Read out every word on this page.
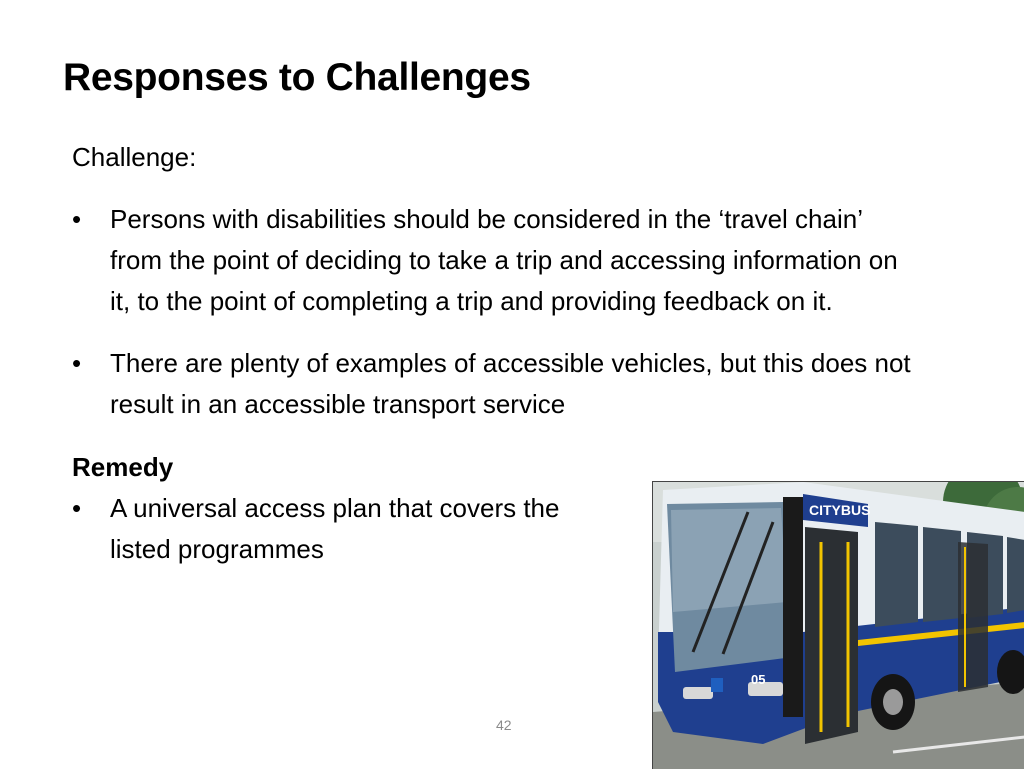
Responses to Challenges

Challenge:

•	Persons with disabilities should be considered in the ‘travel chain’ from the point of deciding to take a trip and accessing information on it, to the point of completing a trip and providing feedback on it.
•	There are plenty of examples of accessible vehicles, but this does not result in an accessible transport service

Remedy

•	A universal access plan that covers the listed programmes
42
CITYBUS
05
